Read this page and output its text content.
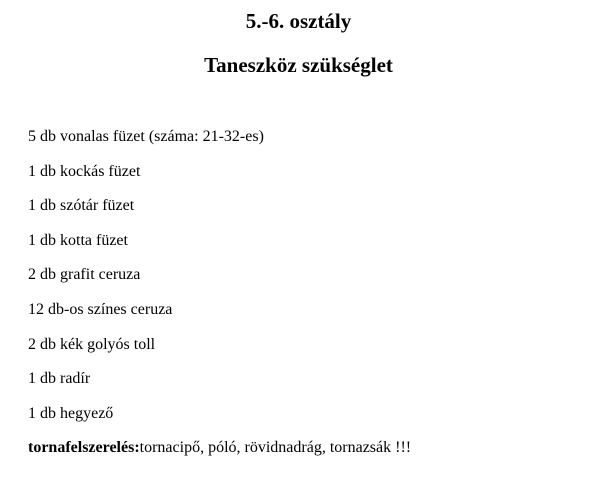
5.-6. osztály
Taneszköz szükséglet
5 db vonalas füzet (száma: 21-32-es)
1 db kockás füzet
1 db szótár füzet
1 db kotta füzet
2 db grafit ceruza
12 db-os színes ceruza
2 db kék golyós toll
1 db radír
1 db hegyező
tornafelszerelés:tornacipő, póló, rövidnadrág, tornazsák !!!
